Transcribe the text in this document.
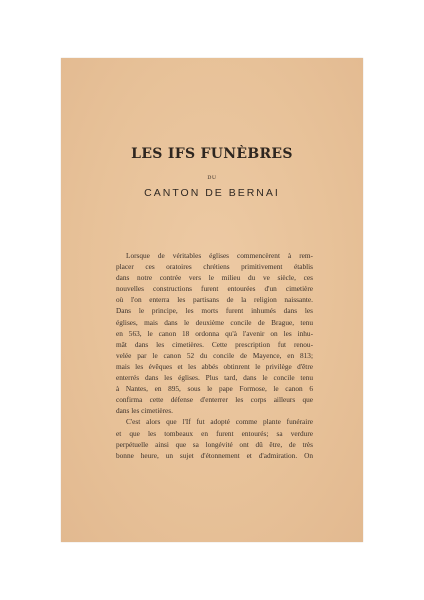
LES IFS FUNÈBRES
DU
CANTON DE BERNAI

Lorsque de véritables églises commencèrent à rem-
placer ces oratoires chrétiens primitivement établis
dans notre contrée vers le milieu du ve siècle, ces
nouvelles constructions furent entourées d'un cimetière
où l'on enterra les partisans de la religion naissante.
Dans le principe, les morts furent inhumés dans les
églises, mais dans le deuxième concile de Brague, tenu
en 563, le canon 18 ordonna qu'à l'avenir on les inhu-
mât dans les cimetières. Cette prescription fut renou-
velée par le canon 52 du concile de Mayence, en 813;
mais les évêques et les abbés obtinrent le privilège d'être
enterrés dans les églises. Plus tard, dans le concile tenu
à Nantes, en 895, sous le pape Formose, le canon 6
confirma cette défense d'enterrer les corps ailleurs que
dans les cimetières.

C'est alors que l'If fut adopté comme plante funéraire
et que les tombeaux en furent entourés; sa verdure
perpétuelle ainsi que sa longévité ont dû être, de très
bonne heure, un sujet d'étonnement et d'admiration. On
